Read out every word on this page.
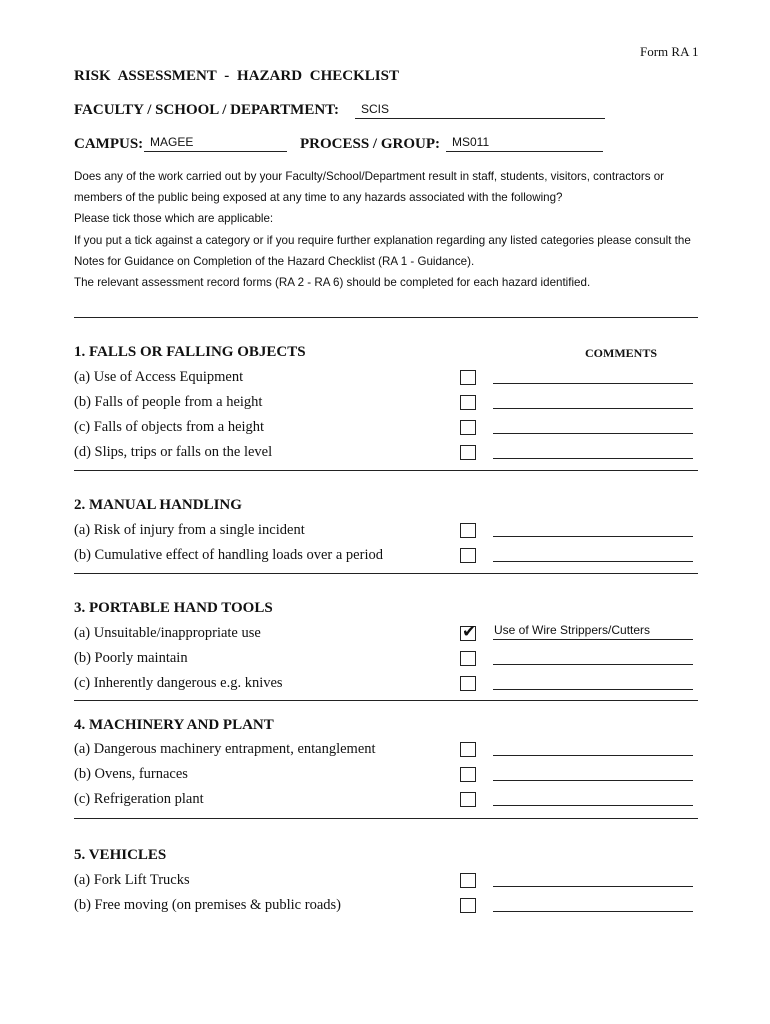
Form RA 1
RISK ASSESSMENT - HAZARD CHECKLIST
FACULTY / SCHOOL / DEPARTMENT: SCIS
CAMPUS: MAGEE	PROCESS / GROUP: MS011

Does any of the work carried out by your Faculty/School/Department result in staff, students, visitors, contractors or members of the public being exposed at any time to any hazards associated with the following?

Please tick those which are applicable:

If you put a tick against a category or if you require further explanation regarding any listed categories please consult the Notes for Guidance on Completion of the Hazard Checklist (RA 1 - Guidance).

The relevant assessment record forms (RA 2 - RA 6) should be completed for each hazard identified.

COMMENTS
1. FALLS OR FALLING OBJECTS
(a) Use of Access Equipment
(b) Falls of people from a height
(c) Falls of objects from a height
(d) Slips, trips or falls on the level
2. MANUAL HANDLING
(a) Risk of injury from a single incident
(b) Cumulative effect of handling loads over a period
3. PORTABLE HAND TOOLS
(a) Unsuitable/inappropriate use	✔ Use of Wire Strippers/Cutters
(b) Poorly maintain
(c) Inherently dangerous e.g. knives
4. MACHINERY AND PLANT
(a) Dangerous machinery entrapment, entanglement
(b) Ovens, furnaces
(c) Refrigeration plant
5. VEHICLES
(a) Fork Lift Trucks
(b) Free moving (on premises & public roads)
